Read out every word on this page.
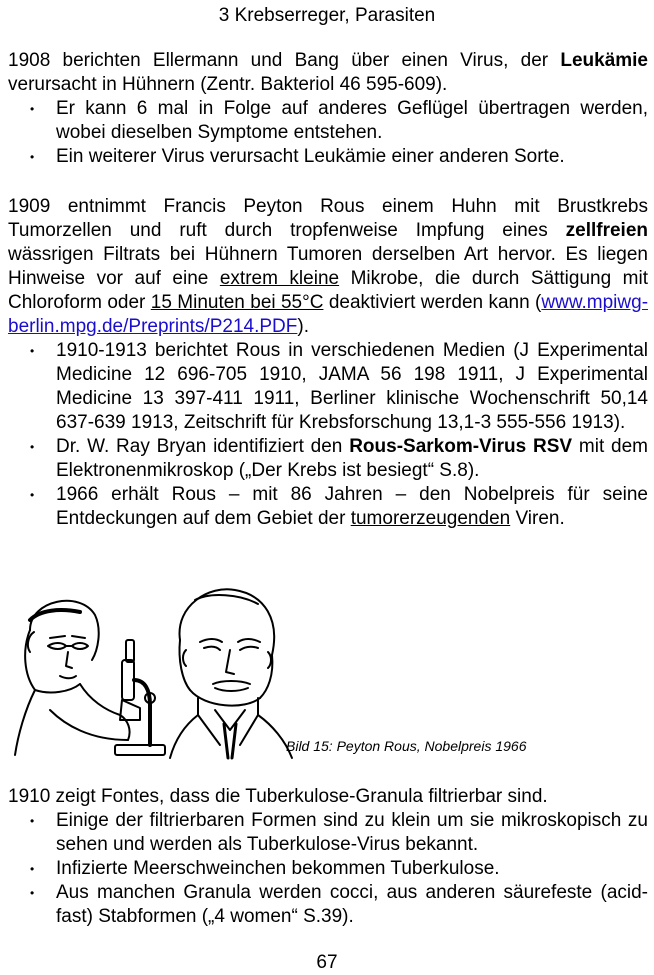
3 Krebserreger, Parasiten

1908 berichten Ellermann und Bang über einen Virus, der Leukämie verursacht in Hühnern (Zentr. Bakteriol 46 595-609).

• Er kann 6 mal in Folge auf anderes Geflügel übertragen werden, wobei dieselben Symptome entstehen.
• Ein weiterer Virus verursacht Leukämie einer anderen Sorte.

1909 entnimmt Francis Peyton Rous einem Huhn mit Brustkrebs Tumorzellen und ruft durch tropfenweise Impfung eines zellfreien wässrigen Filtrats bei Hühnern Tumoren derselben Art hervor. Es liegen Hinweise vor auf eine extrem kleine Mikrobe, die durch Sättigung mit Chloroform oder 15 Minuten bei 55°C deaktiviert werden kann (www.mpiwg-berlin.mpg.de/Preprints/P214.PDF).

• 1910-1913 berichtet Rous in verschiedenen Medien (J Experimental Medicine 12 696-705 1910, JAMA 56 198 1911, J Experimental Medicine 13 397-411 1911, Berliner klinische Wochenschrift 50,14 637-639 1913, Zeitschrift für Krebsforschung 13,1-3 555-556 1913).
• Dr. W. Ray Bryan identifiziert den Rous-Sarkom-Virus RSV mit dem Elektronenmikroskop („Der Krebs ist besiegt“ S.8).
• 1966 erhält Rous – mit 86 Jahren – den Nobelpreis für seine Entdeckungen auf dem Gebiet der tumorerzeugenden Viren.
Bild 15: Peyton Rous, Nobelpreis 1966

1910 zeigt Fontes, dass die Tuberkulose-Granula filtrierbar sind.

• Einige der filtrierbaren Formen sind zu klein um sie mikroskopisch zu sehen und werden als Tuberkulose-Virus bekannt.
• Infizierte Meerschweinchen bekommen Tuberkulose.
• Aus manchen Granula werden cocci, aus anderen säurefeste (acid-fast) Stabformen („4 women“ S.39).
67
